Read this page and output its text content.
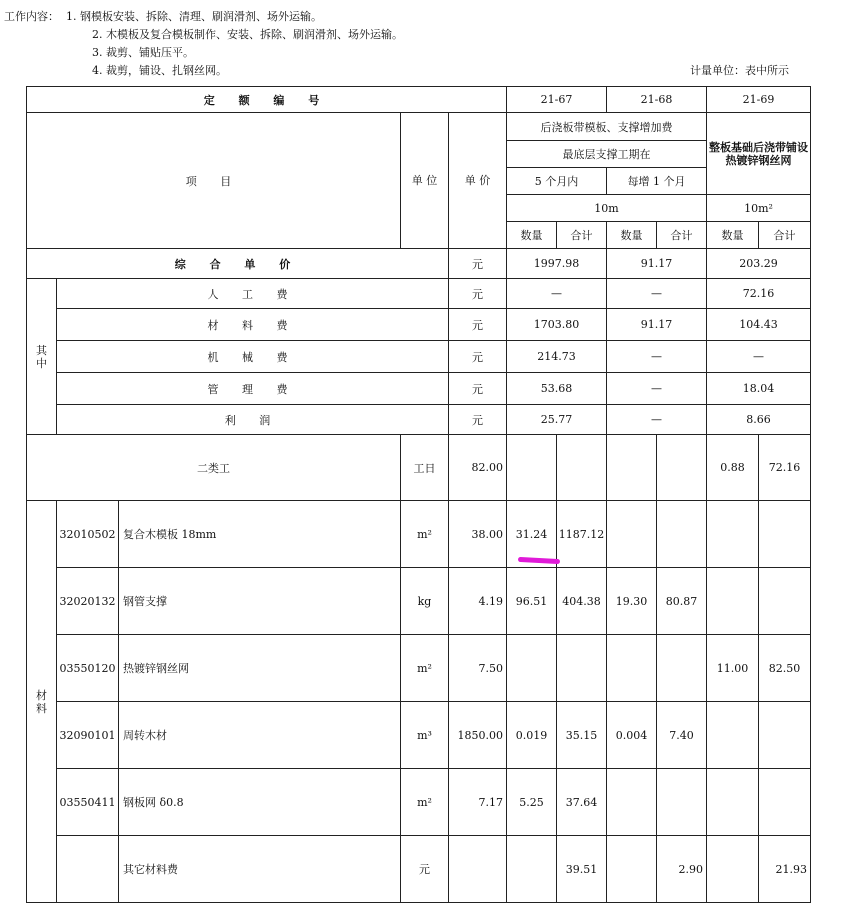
工作内容： 1. 钢模板安装、拆除、清理、刷润滑剂、场外运输。
2. 木模板及复合模板制作、安装、拆除、刷润滑剂、场外运输。
3. 裁剪、铺贴压平。
4. 裁剪，铺设、扎钢丝网。	计量单位：表中所示
定 额 编 号					21-67		21-68		21-69	
项 目			单 位	单 价	后浇板带模板、支撑增加费				整板基础后浇带铺设热镀锌钢丝网	
					最底层支撑工期在					
					5 个月内		每增 1 个月			
					10m				10m²	
					数量	合计	数量	合计	数量	合计
综 合 单 价				元	1997.98		91.17		203.29	
其 中	人 工 费			元	—		—		72.16	
	材 料 费			元	1703.80		91.17		104.43	
	机 械 费			元	214.73		—		—	
	管 理 费			元	53.68		—		18.04	
	利 润			元	25.77		—		8.66	
二类工			工日	82.00					0.88	72.16
材 料	32010502	复合木模板 18mm	m²	38.00	31.24	1187.12				
	32020132	钢管支撑	kg	4.19	96.51	404.38	19.30	80.87		
	03550120	热镀锌钢丝网	m²	7.50					11.00	82.50
	32090101	周转木材	m³	1850.00	0.019	35.15	0.004	7.40		
	03550411	钢板网 δ0.8	m²	7.17	5.25	37.64				
		其它材料费	元			39.51		2.90		21.93
